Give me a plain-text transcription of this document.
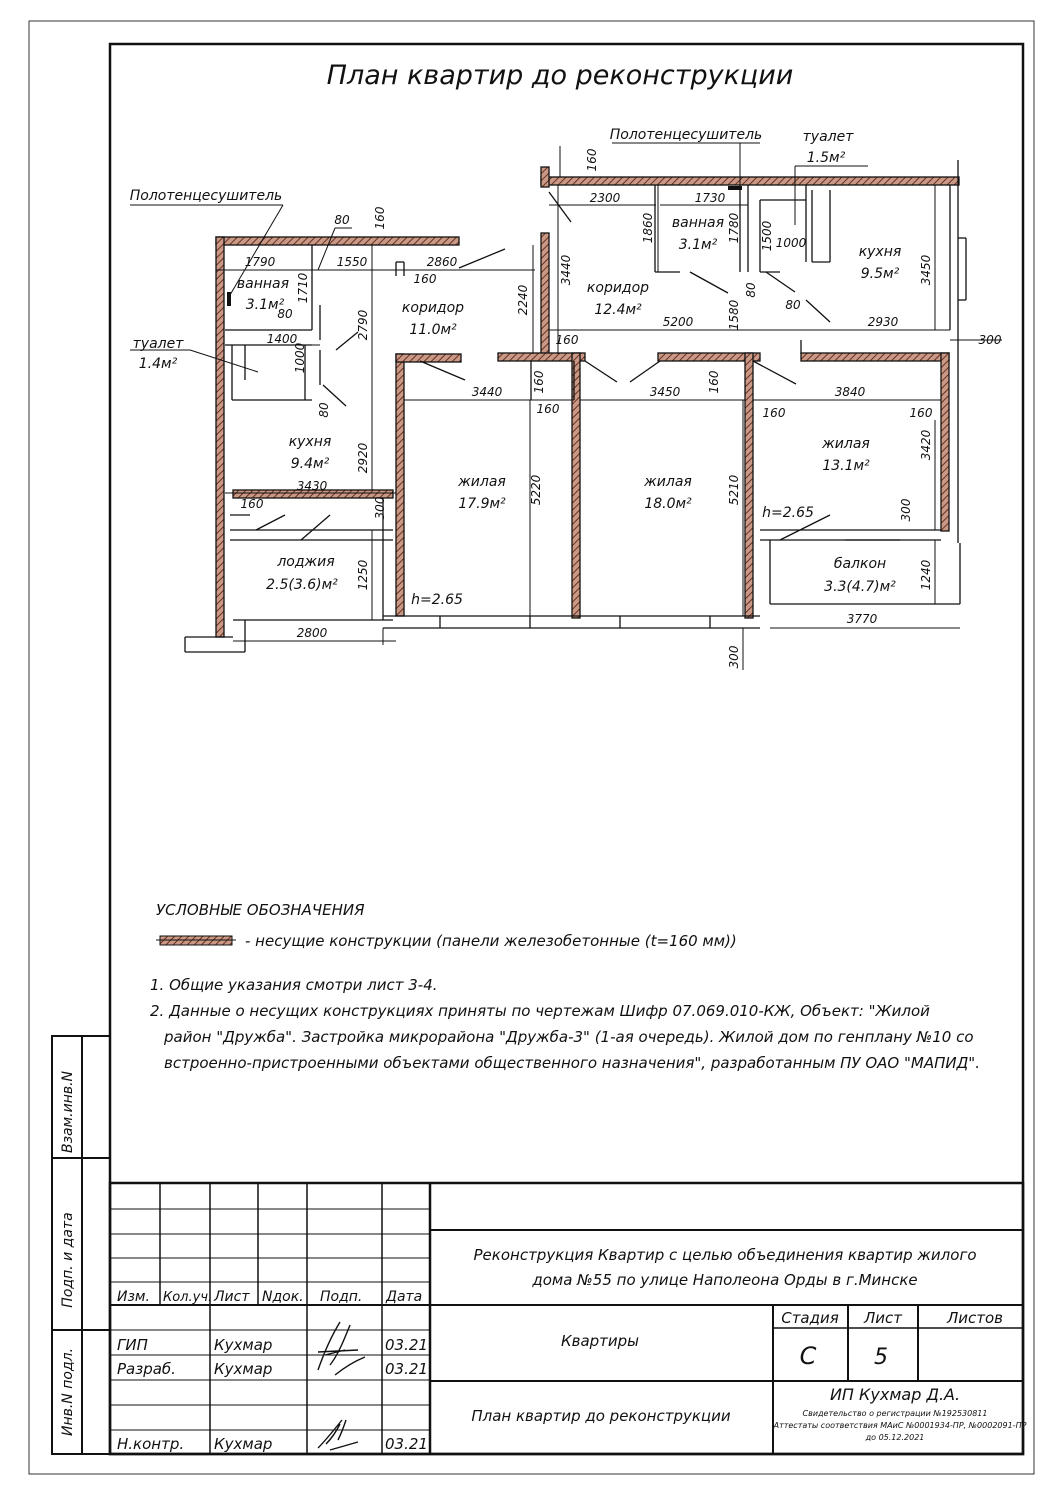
План квартир до реконструкции
ванная
3.1м²
туалет
1.4м²
коридор
11.0м²
кухня
9.4м²
лоджия
2.5(3.6)м²
жилая
17.9м²
жилая
18.0м²
ванная
3.1м²
коридор
12.4м²
туалет
1.5м²
кухня
9.5м²
жилая
13.1м²
балкон
3.3(4.7)м²
Полотенцесушитель
Полотенцесушитель
h=2.65
h=2.65
1790	1550	2860
80
160
1400
80
3430
160
2800
3440
160
160
3450	3840
160	160
2300	1730
1000
5200	2930
80
300
3770
160
1710
2790
2240
1000
80
2920
300
1250
5220
160	160
5210
160
3440
1860	1780 1500
80
1580
3450
3420
300
1240
300
УСЛОВНЫЕ ОБОЗНАЧЕНИЯ
- несущие конструкции (панели железобетонные (t=160 мм))
1. Общие указания смотри лист 3-4.
2. Данные о несущих конструкциях приняты по чертежам Шифр 07.069.010-КЖ, Объект: "Жилой
район "Дружба". Застройка микрорайона "Дружба-3" (1-ая очередь). Жилой дом по генплану №10 со
встроенно-пристроенными объектами общественного назначения", разработанным ПУ ОАО "МАПИД".
Взам.инв.N
Подп. и дата
Инв.N подл.
Изм. Кол.уч. Лист Nдок. Подп. Дата
ГИП	Кухмар	03.21
Разраб.	Кухмар	03.21
Н.контр. Кухмар	03.21
Реконструкция Квартир с целью объединения квартир жилого
дома №55 по улице Наполеона Орды в г.Минске
Квартиры
План квартир до реконструкции
Стадия Лист	Листов
С	5
ИП Кухмар Д.А.
Свидетельство о регистрации №192530811
Аттестаты соответствия МАиС №0001934-ПР, №0002091-ПР
до 05.12.2021
